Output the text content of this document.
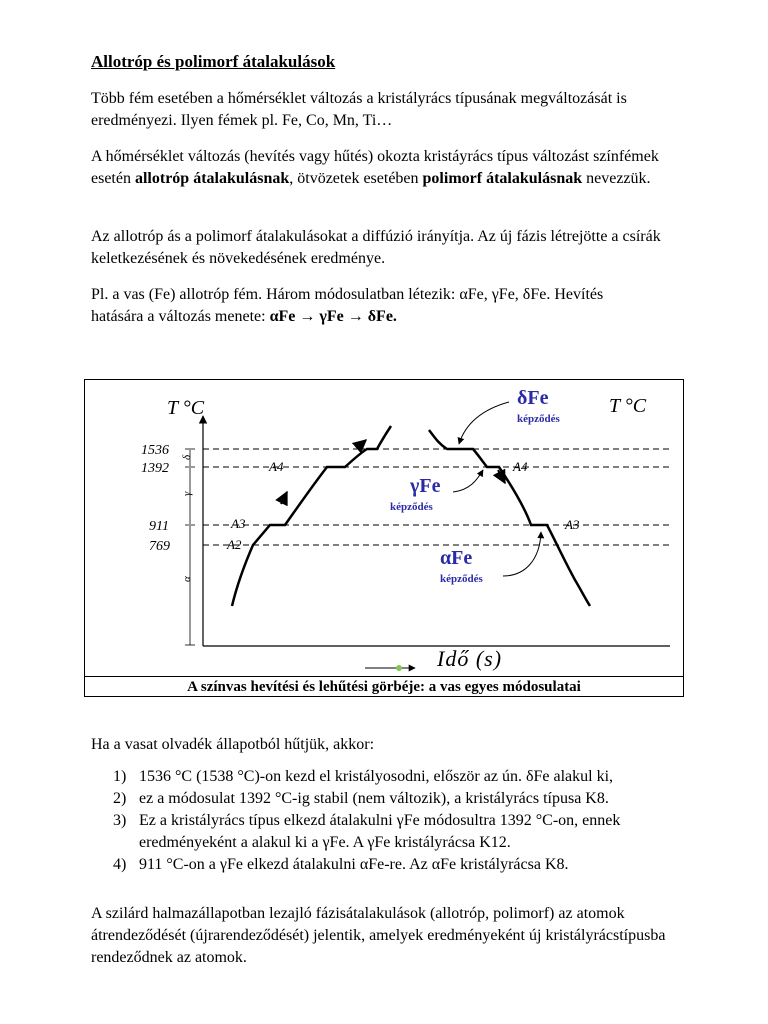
Allotróp és polimorf átalakulások

Több fém esetében a hőmérséklet változás a kristályrács típusának megváltozását is eredményezi. Ilyen fémek pl. Fe, Co, Mn, Ti…

A hőmérséklet változás (hevítés vagy hűtés) okozta kristáyrács típus változást színfémek esetén allotróp átalakulásnak, ötvözetek esetében polimorf átalakulásnak nevezzük.

Az allotróp ás a polimorf átalakulásokat a diffúzió irányítja. Az új fázis létrejötte a csírák keletkezésének és növekedésének eredménye.

Pl. a vas (Fe) allotróp fém. Három módosulatban létezik: αFe, γFe, δFe. Hevítés
hatására a változás menete: αFe → γFe → δFe.

δ
γ
α
1536
1392
911
769
T °C	T °C
Idő (s)
A4
A3
A2
A4
A3
δFe
képződés
γFe
képződés
αFe
képződés
A színvas hevítési és lehűtési görbéje: a vas egyes módosulatai

Ha a vasat olvadék állapotból hűtjük, akkor:

1) 1536 °C (1538 °C)-on kezd el kristályosodni, először az ún. δFe alakul ki,
2) ez a módosulat 1392 °C-ig stabil (nem változik), a kristályrács típusa K8.
3) Ez a kristályrács típus elkezd átalakulni γFe módosultra 1392 °C-on, ennek eredményeként a alakul ki a γFe. A γFe kristályrácsa K12.
4) 911 °C-on a γFe elkezd átalakulni αFe-re. Az αFe kristályrácsa K8.

A szilárd halmazállapotban lezajló fázisátalakulások (allotróp, polimorf) az atomok átrendeződését (újrarendeződését) jelentik, amelyek eredményeként új kristályrácstípusba rendeződnek az atomok.
